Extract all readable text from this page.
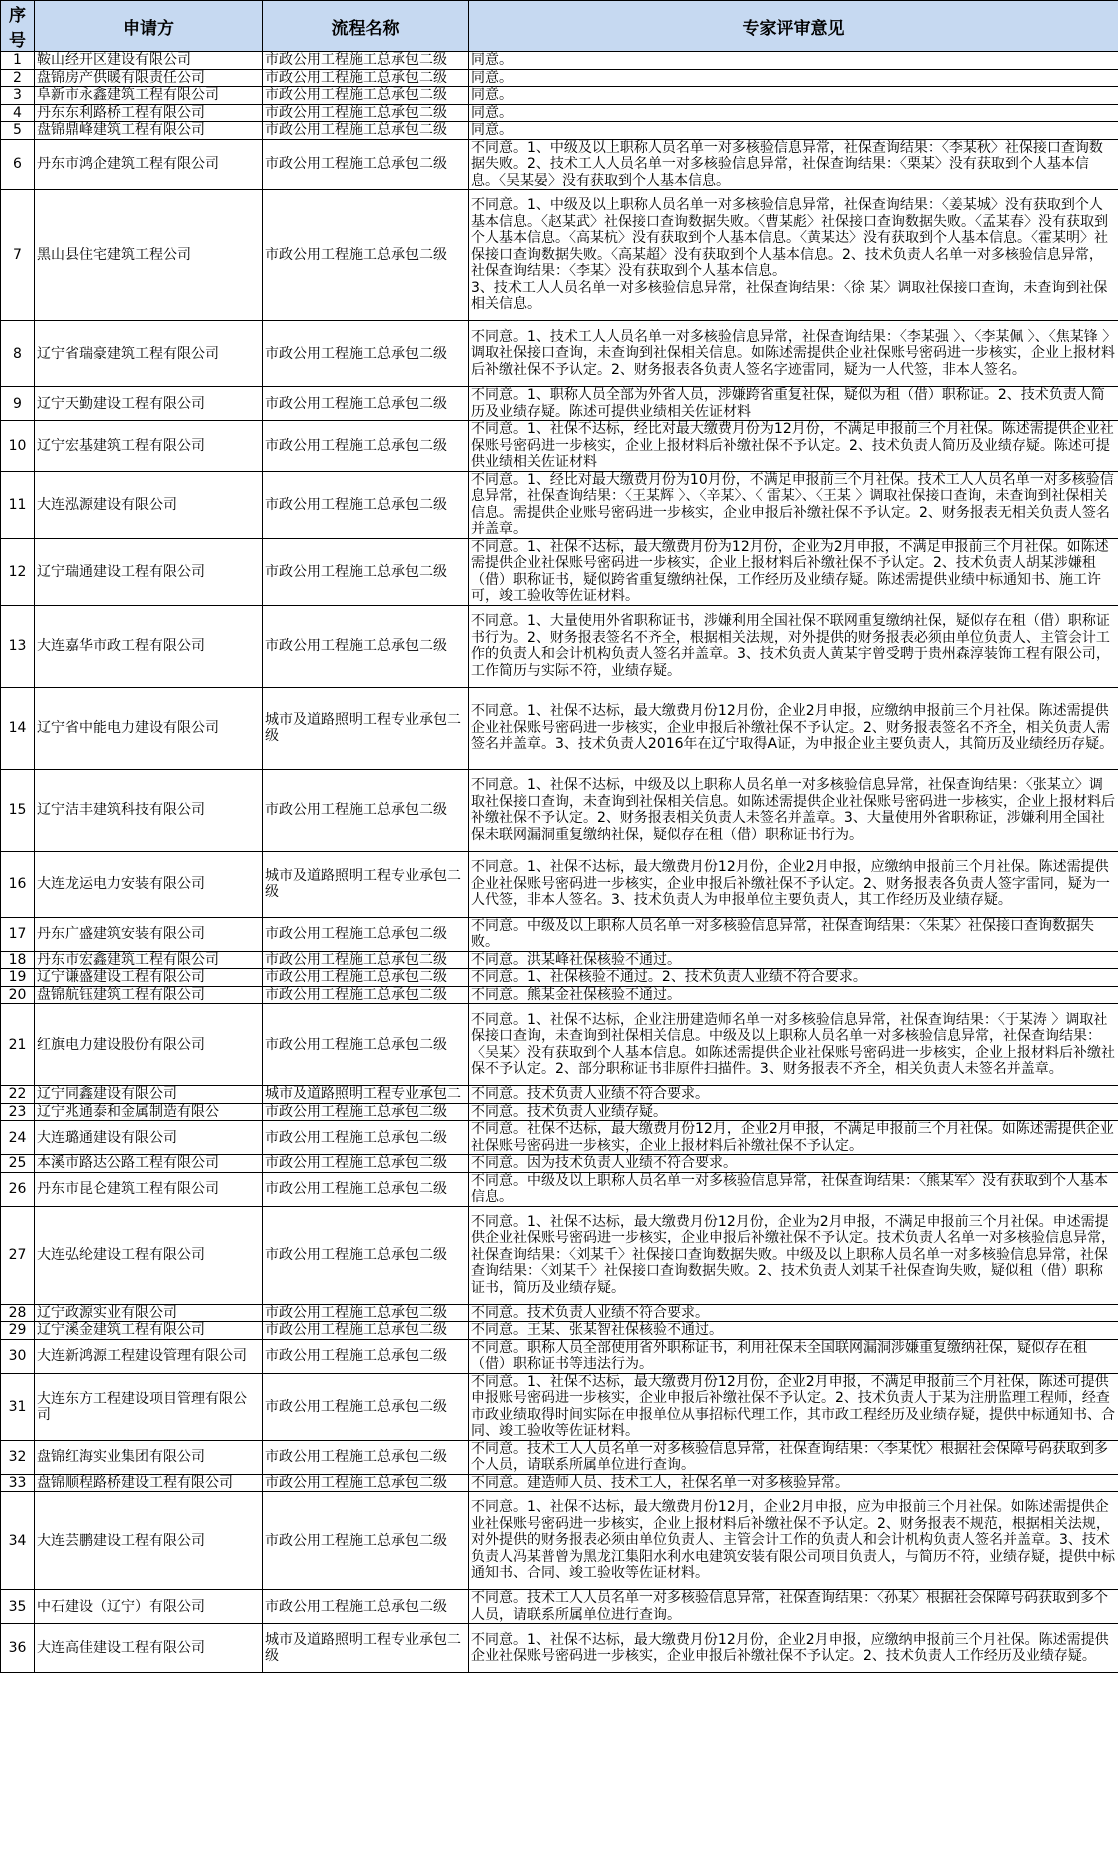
序号	申请方	流程名称	专家评审意见
1	鞍山经开区建设有限公司	市政公用工程施工总承包二级	同意。
2	盘锦房产供暖有限责任公司	市政公用工程施工总承包二级	同意。
3	阜新市永鑫建筑工程有限公司	市政公用工程施工总承包二级	同意。
4	丹东东利路桥工程有限公司	市政公用工程施工总承包二级	同意。
5	盘锦鼎峰建筑工程有限公司	市政公用工程施工总承包二级	同意。
6	丹东市鸿企建筑工程有限公司	市政公用工程施工总承包二级	不同意。1、中级及以上职称人员名单一对多核验信息异常，社保查询结果：〈李某秋〉社保接口查询数据失败。2、技术工人人员名单一对多核验信息异常，社保查询结果：〈栗某〉没有获取到个人基本信息。〈吴某晏〉没有获取到个人基本信息。
7	黑山县住宅建筑工程公司	市政公用工程施工总承包二级	不同意。1、中级及以上职称人员名单一对多核验信息异常，社保查询结果：〈姜某城〉没有获取到个人基本信息。〈赵某武〉社保接口查询数据失败。〈曹某彪〉社保接口查询数据失败。〈孟某春〉没有获取到个人基本信息。〈高某杭〉没有获取到个人基本信息。〈黄某达〉没有获取到个人基本信息。〈霍某明〉社保接口查询数据失败。〈高某超〉没有获取到个人基本信息。2、技术负责人名单一对多核验信息异常，社保查询结果：〈李某〉没有获取到个人基本信息。
3、技术工人人员名单一对多核验信息异常，社保查询结果：〈徐 某〉调取社保接口查询，未查询到社保相关信息。
8	辽宁省瑞豪建筑工程有限公司	市政公用工程施工总承包二级	不同意。1、技术工人人员名单一对多核验信息异常，社保查询结果：〈李某强 〉、〈李某佩 〉、〈焦某锋 〉调取社保接口查询，未查询到社保相关信息。如陈述需提供企业社保账号密码进一步核实，企业上报材料后补缴社保不予认定。2、财务报表各负责人签名字迹雷同，疑为一人代签，非本人签名。
9	辽宁天勤建设工程有限公司	市政公用工程施工总承包二级	不同意。1、职称人员全部为外省人员，涉嫌跨省重复社保，疑似为租（借）职称证。2、技术负责人简历及业绩存疑。陈述可提供业绩相关佐证材料
10	辽宁宏基建筑工程有限公司	市政公用工程施工总承包二级	不同意。1、社保不达标，经比对最大缴费月份为12月份，不满足申报前三个月社保。陈述需提供企业社保账号密码进一步核实，企业上报材料后补缴社保不予认定。2、技术负责人简历及业绩存疑。陈述可提供业绩相关佐证材料
11	大连泓源建设有限公司	市政公用工程施工总承包二级	不同意。1、经比对最大缴费月份为10月份，不满足申报前三个月社保。技术工人人员名单一对多核验信息异常，社保查询结果：〈王某辉 〉、〈辛某〉、〈 雷某〉、〈王某 〉调取社保接口查询，未查询到社保相关信息。需提供企业账号密码进一步核实，企业申报后补缴社保不予认定。2、财务报表无相关负责人签名并盖章。
12	辽宁瑞通建设工程有限公司	市政公用工程施工总承包二级	不同意。1、社保不达标，最大缴费月份为12月份，企业为2月申报，不满足申报前三个月社保。如陈述需提供企业社保账号密码进一步核实，企业上报材料后补缴社保不予认定。2、技术负责人胡某涉嫌租（借）职称证书，疑似跨省重复缴纳社保，工作经历及业绩存疑。陈述需提供业绩中标通知书、施工许可，竣工验收等佐证材料。
13	大连嘉华市政工程有限公司	市政公用工程施工总承包二级	不同意。1、大量使用外省职称证书，涉嫌利用全国社保不联网重复缴纳社保，疑似存在租（借）职称证书行为。2、财务报表签名不齐全，根据相关法规，对外提供的财务报表必须由单位负责人、主管会计工作的负责人和会计机构负责人签名并盖章。3、技术负责人黄某宇曾受聘于贵州森淳装饰工程有限公司，工作简历与实际不符，业绩存疑。
14	辽宁省中能电力建设有限公司	城市及道路照明工程专业承包二级	不同意。1、社保不达标，最大缴费月份12月份，企业2月申报，应缴纳申报前三个月社保。陈述需提供企业社保账号密码进一步核实，企业申报后补缴社保不予认定。2、财务报表签名不齐全，相关负责人需签名并盖章。3、技术负责人2016年在辽宁取得A证，为申报企业主要负责人，其简历及业绩经历存疑。
15	辽宁洁丰建筑科技有限公司	市政公用工程施工总承包二级	不同意。1、社保不达标，中级及以上职称人员名单一对多核验信息异常，社保查询结果：〈张某立〉调取社保接口查询，未查询到社保相关信息。如陈述需提供企业社保账号密码进一步核实，企业上报材料后补缴社保不予认定。2、财务报表相关负责人未签名并盖章。3、大量使用外省职称证，涉嫌利用全国社保未联网漏洞重复缴纳社保，疑似存在租（借）职称证书行为。
16	大连龙运电力安装有限公司	城市及道路照明工程专业承包二级	不同意。1、社保不达标，最大缴费月份12月份，企业2月申报，应缴纳申报前三个月社保。陈述需提供企业社保账号密码进一步核实，企业申报后补缴社保不予认定。2、财务报表各负责人签字雷同，疑为一人代签，非本人签名。3、技术负责人为申报单位主要负责人，其工作经历及业绩存疑。
17	丹东广盛建筑安装有限公司	市政公用工程施工总承包二级	不同意。中级及以上职称人员名单一对多核验信息异常，社保查询结果：〈朱某〉社保接口查询数据失败。
18	丹东市宏鑫建筑工程有限公司	市政公用工程施工总承包二级	不同意。洪某峰社保核验不通过。
19	辽宁谦盛建设工程有限公司	市政公用工程施工总承包二级	不同意。1、社保核验不通过。2、技术负责人业绩不符合要求。
20	盘锦航钰建筑工程有限公司	市政公用工程施工总承包二级	不同意。熊某金社保核验不通过。
21	红旗电力建设股份有限公司	市政公用工程施工总承包二级	不同意。1、社保不达标，企业注册建造师名单一对多核验信息异常，社保查询结果：〈于某涛 〉调取社保接口查询，未查询到社保相关信息。中级及以上职称人员名单一对多核验信息异常，社保查询结果：〈吴某〉没有获取到个人基本信息。如陈述需提供企业社保账号密码进一步核实，企业上报材料后补缴社保不予认定。2、部分职称证书非原件扫描件。3、财务报表不齐全，相关负责人未签名并盖章。
22	辽宁同鑫建设有限公司	城市及道路照明工程专业承包二	不同意。技术负责人业绩不符合要求。
23	辽宁兆通泰和金属制造有限公	市政公用工程施工总承包二级	不同意。技术负责人业绩存疑。
24	大连璐通建设有限公司	市政公用工程施工总承包二级	不同意。社保不达标，最大缴费月份12月，企业2月申报，不满足申报前三个月社保。如陈述需提供企业社保账号密码进一步核实，企业上报材料后补缴社保不予认定。
25	本溪市路达公路工程有限公司	市政公用工程施工总承包二级	不同意。因为技术负责人业绩不符合要求。
26	丹东市昆仑建筑工程有限公司	市政公用工程施工总承包二级	不同意。中级及以上职称人员名单一对多核验信息异常，社保查询结果：〈熊某军〉没有获取到个人基本信息。
27	大连弘纶建设工程有限公司	市政公用工程施工总承包二级	不同意。1、社保不达标，最大缴费月份12月份，企业为2月申报，不满足申报前三个月社保。申述需提供企业社保账号密码进一步核实，企业申报后补缴社保不予认定。技术负责人名单一对多核验信息异常，社保查询结果：〈刘某千〉社保接口查询数据失败。中级及以上职称人员名单一对多核验信息异常，社保查询结果：〈刘某千〉社保接口查询数据失败。2、技术负责人刘某千社保查询失败，疑似租（借）职称证书，简历及业绩存疑。
28	辽宁政源实业有限公司	市政公用工程施工总承包二级	不同意。技术负责人业绩不符合要求。
29	辽宁溪金建筑工程有限公司	市政公用工程施工总承包二级	不同意。王某、张某智社保核验不通过。
30	大连新鸿源工程建设管理有限公司	市政公用工程施工总承包二级	不同意。职称人员全部使用省外职称证书，利用社保未全国联网漏洞涉嫌重复缴纳社保，疑似存在租（借）职称证书等违法行为。
31	大连东方工程建设项目管理有限公司	市政公用工程施工总承包二级	不同意。1、社保不达标，最大缴费月份12月份，企业2月申报，不满足申报前三个月社保，陈述可提供申报账号密码进一步核实，企业申报后补缴社保不予认定。2、技术负责人于某为注册监理工程师，经查市政业绩取得时间实际在申报单位从事招标代理工作，其市政工程经历及业绩存疑，提供中标通知书、合同、竣工验收等佐证材料。
32	盘锦红海实业集团有限公司	市政公用工程施工总承包二级	不同意。技术工人人员名单一对多核验信息异常，社保查询结果：〈李某忱〉根据社会保障号码获取到多个人员，请联系所属单位进行查询。
33	盘锦顺程路桥建设工程有限公司	市政公用工程施工总承包二级	不同意。建造师人员、技术工人，社保名单一对多核验异常。
34	大连芸鹏建设工程有限公司	市政公用工程施工总承包二级	不同意。1、社保不达标，最大缴费月份12月，企业2月申报，应为申报前三个月社保。如陈述需提供企业社保账号密码进一步核实，企业上报材料后补缴社保不予认定。2、财务报表不规范，根据相关法规，对外提供的财务报表必须由单位负责人、主管会计工作的负责人和会计机构负责人签名并盖章。3、技术负责人冯某普曾为黑龙江集阳水利水电建筑安装有限公司项目负责人，与简历不符，业绩存疑，提供中标通知书、合同、竣工验收等佐证材料。
35	中石建设（辽宁）有限公司	市政公用工程施工总承包二级	不同意。技术工人人员名单一对多核验信息异常，社保查询结果：〈孙某〉根据社会保障号码获取到多个人员，请联系所属单位进行查询。
36	大连高佳建设工程有限公司	城市及道路照明工程专业承包二级	不同意。1、社保不达标，最大缴费月份12月份，企业2月申报，应缴纳申报前三个月社保。陈述需提供企业社保账号密码进一步核实，企业申报后补缴社保不予认定。2、技术负责人工作经历及业绩存疑。
